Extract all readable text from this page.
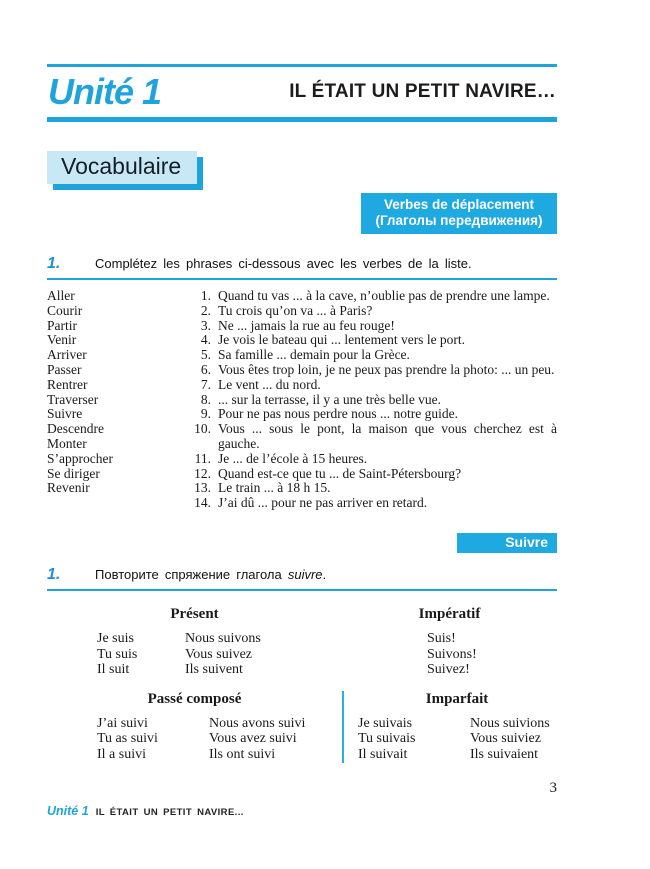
Unité 1	IL ÉTAIT UN PETIT NAVIRE…
Vocabulaire
Verbes de déplacement
(Глаголы передвижения)
1.	Complétez les phrases ci-dessous avec les verbes de la liste.
Aller
Courir
Partir
Venir
Arriver
Passer
Rentrer
Traverser
Suivre
Descendre
Monter
S’approcher
Se diriger
Revenir
1. Quand tu vas ... à la cave, n’oublie pas de prendre une lampe.
2. Tu crois qu’on va ... à Paris?
3. Ne ... jamais la rue au feu rouge!
4. Je vois le bateau qui ... lentement vers le port.
5. Sa famille ... demain pour la Grèce.
6. Vous êtes trop loin, je ne peux pas prendre la photo: ... un peu.
7. Le vent ... du nord.
8. ... sur la terrasse, il y a une très belle vue.
9. Pour ne pas nous perdre nous ... notre guide.
10. Vous ... sous le pont, la maison que vous cherchez est à gauche.
11. Je ... de l’école à 15 heures.
12. Quand est-ce que tu ... de Saint-Pétersbourg?
13. Le train ... à 18 h 15.
14. J’ai dû ... pour ne pas arriver en retard.
Suivre
1.	Повторите спряжение глагола suivre.
Présent
Je suis	Nous suivons
Tu suis	Vous suivez
Il suit	Ils suivent
Impératif
Suis!
Suivons!
Suivez!
Passé composé
J’ai suivi	Nous avons suivi
Tu as suivi	Vous avez suivi
Il a suivi	Ils ont suivi
Imparfait
Je suivais	Nous suivions
Tu suivais	Vous suiviez
Il suivait	Ils suivaient
3
Unité 1 IL ÉTAIT UN PETIT NAVIRE...
